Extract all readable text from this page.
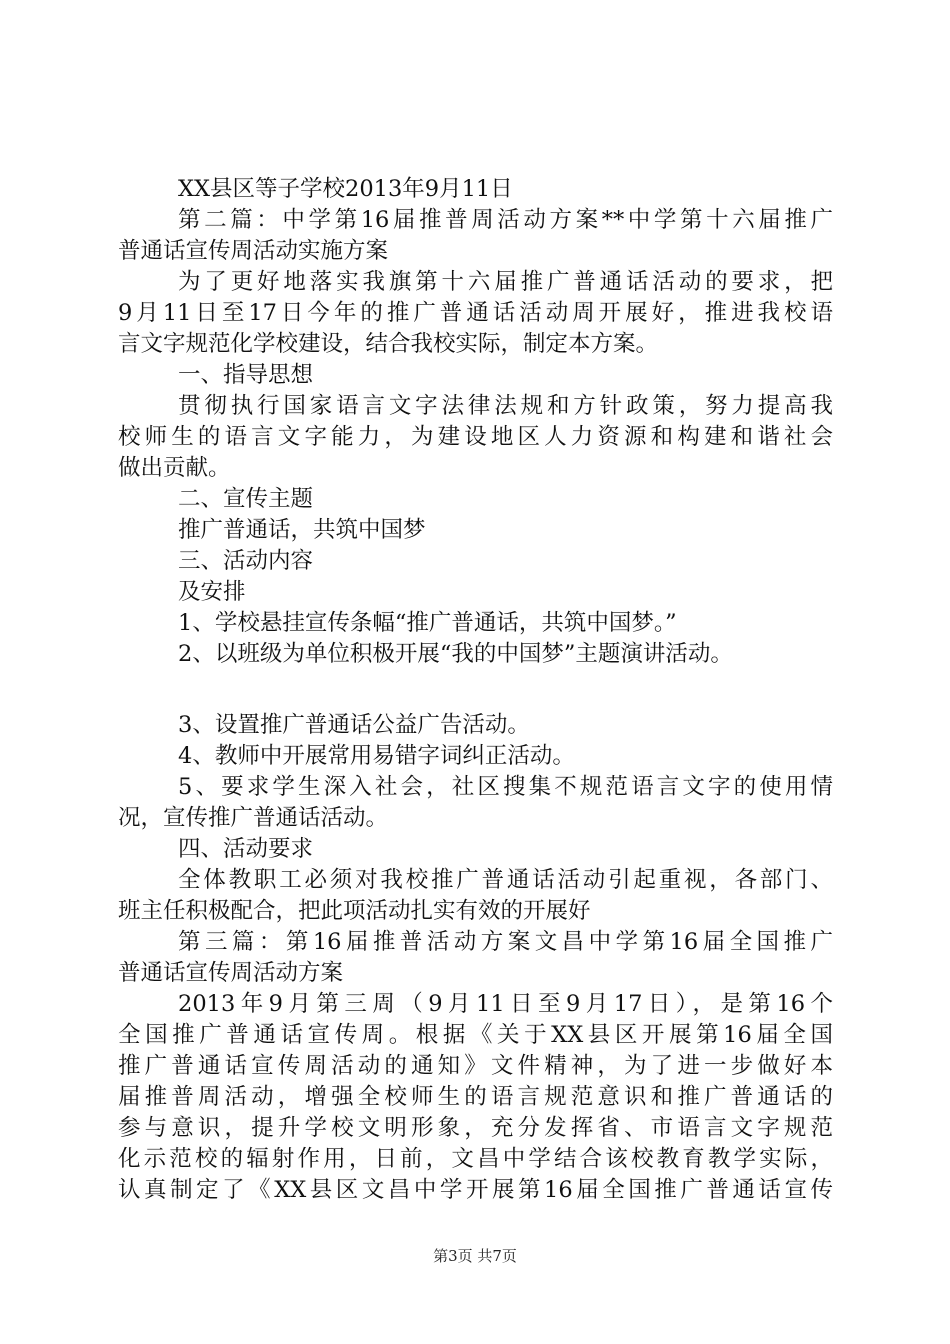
XX县区等子学校2013年9月11日
第二篇：中学第16届推普周活动方案**中学第十六届推广
普通话宣传周活动实施方案
为了更好地落实我旗第十六届推广普通话活动的要求，把
9月11日至17日今年的推广普通话活动周开展好，推进我校语
言文字规范化学校建设，结合我校实际，制定本方案。
一、指导思想
贯彻执行国家语言文字法律法规和方针政策，努力提高我
校师生的语言文字能力，为建设地区人力资源和构建和谐社会
做出贡献。
二、宣传主题
推广普通话，共筑中国梦
三、活动内容
及安排
1、学校悬挂宣传条幅“推广普通话，共筑中国梦。”
2、以班级为单位积极开展“我的中国梦”主题演讲活动。
3、设置推广普通话公益广告活动。
4、教师中开展常用易错字词纠正活动。
5、要求学生深入社会，社区搜集不规范语言文字的使用情
况，宣传推广普通话活动。
四、活动要求
全体教职工必须对我校推广普通话活动引起重视，各部门、
班主任积极配合，把此项活动扎实有效的开展好
第三篇：第16届推普活动方案文昌中学第16届全国推广
普通话宣传周活动方案
2013年9月第三周（9月11日至9月17日），是第16个
全国推广普通话宣传周。根据《关于XX县区开展第16届全国
推广普通话宣传周活动的通知》文件精神，为了进一步做好本
届推普周活动，增强全校师生的语言规范意识和推广普通话的
参与意识，提升学校文明形象，充分发挥省、市语言文字规范
化示范校的辐射作用，日前，文昌中学结合该校教育教学实际，
认真制定了《XX县区文昌中学开展第16届全国推广普通话宣传
第3页 共7页
